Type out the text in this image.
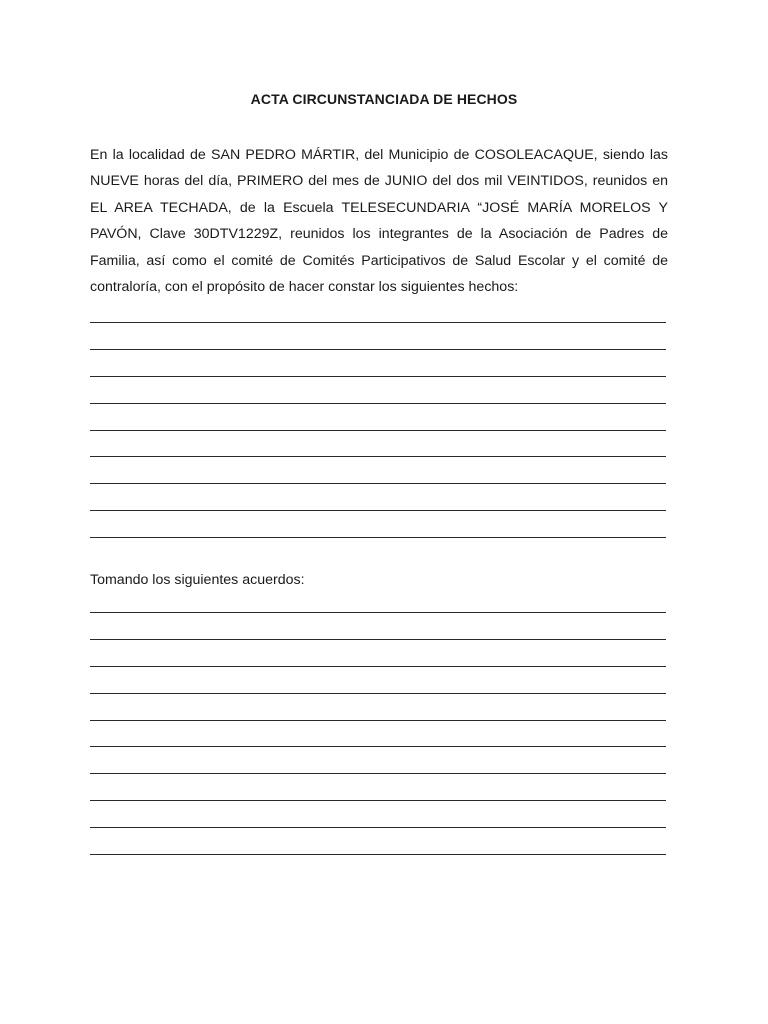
ACTA CIRCUNSTANCIADA DE HECHOS

En la localidad de SAN PEDRO MÁRTIR, del Municipio de COSOLEACAQUE, siendo las NUEVE horas del día, PRIMERO del mes de JUNIO del dos mil VEINTIDOS, reunidos en EL AREA TECHADA, de la Escuela TELESECUNDARIA “JOSÉ MARÍA MORELOS Y PAVÓN, Clave 30DTV1229Z, reunidos los integrantes de la Asociación de Padres de Familia, así como el comité de Comités Participativos de Salud Escolar y el comité de contraloría, con el propósito de hacer constar los siguientes hechos:

Tomando los siguientes acuerdos:
